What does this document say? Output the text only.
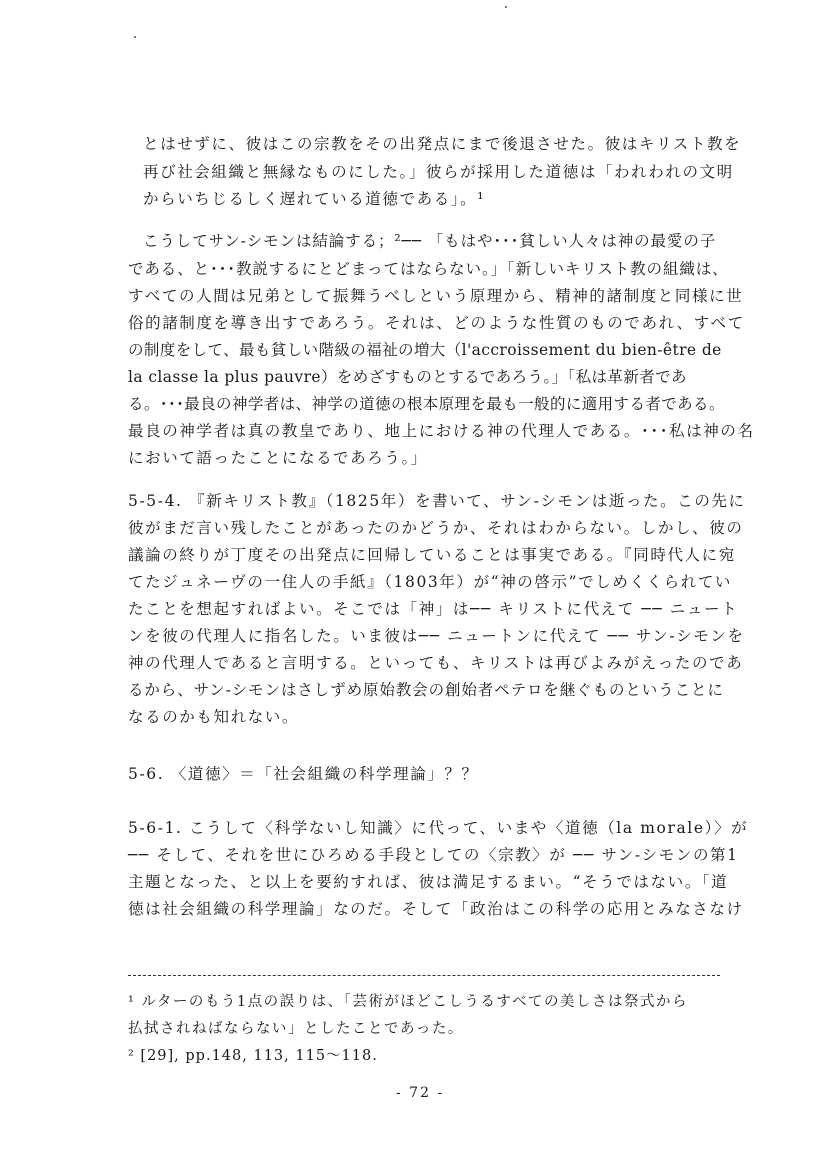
とはせずに、彼はこの宗教をその出発点にまで後退させた。彼はキリスト教を
再び社会組織と無縁なものにした。」彼らが採用した道徳は「われわれの文明
からいちじるしく遅れている道徳である」。¹
こうしてサン-シモンは結論する；²── 「もはや･･･貧しい人々は神の最愛の子
である、と･･･教説するにとどまってはならない。」「新しいキリスト教の組織は、
すべての人間は兄弟として振舞うべしという原理から、精神的諸制度と同様に世
俗的諸制度を導き出すであろう。それは、どのような性質のものであれ、すべて
の制度をして、最も貧しい階級の福祉の増大（l'accroissement du bien-être de
la classe la plus pauvre）をめざすものとするであろう。」「私は革新者であ
る。･･･最良の神学者は、神学の道徳の根本原理を最も一般的に適用する者である。
最良の神学者は真の教皇であり、地上における神の代理人である。･･･私は神の名
において語ったことになるであろう。」
5-5-4. 『新キリスト教』（1825年）を書いて、サン-シモンは逝った。この先に
彼がまだ言い残したことがあったのかどうか、それはわからない。しかし、彼の
議論の終りが丁度その出発点に回帰していることは事実である。『同時代人に宛
てたジュネーヴの一住人の手紙』（1803年）が“神の啓示”でしめくくられてい
たことを想起すればよい。そこでは「神」は── キリストに代えて ── ニュート
ンを彼の代理人に指名した。いま彼は── ニュートンに代えて ── サン-シモンを
神の代理人であると言明する。といっても、キリストは再びよみがえったのであ
るから、サン-シモンはさしずめ原始教会の創始者ペテロを継ぐものということに
なるのかも知れない。
5-6. 〈道徳〉＝「社会組織の科学理論」？？
5-6-1. こうして〈科学ないし知識〉に代って、いまや〈道徳（la morale）〉が
── そして、それを世にひろめる手段としての〈宗教〉が ── サン-シモンの第1
主題となった、と以上を要約すれば、彼は満足するまい。“そうではない。「道
徳は社会組織の科学理論」なのだ。そして「政治はこの科学の応用とみなさなけ
¹ ルターのもう1点の誤りは、「芸術がほどこしうるすべての美しさは祭式から
払拭されねばならない」としたことであった。
² [29], pp.148, 113, 115～118.
- 72 -
